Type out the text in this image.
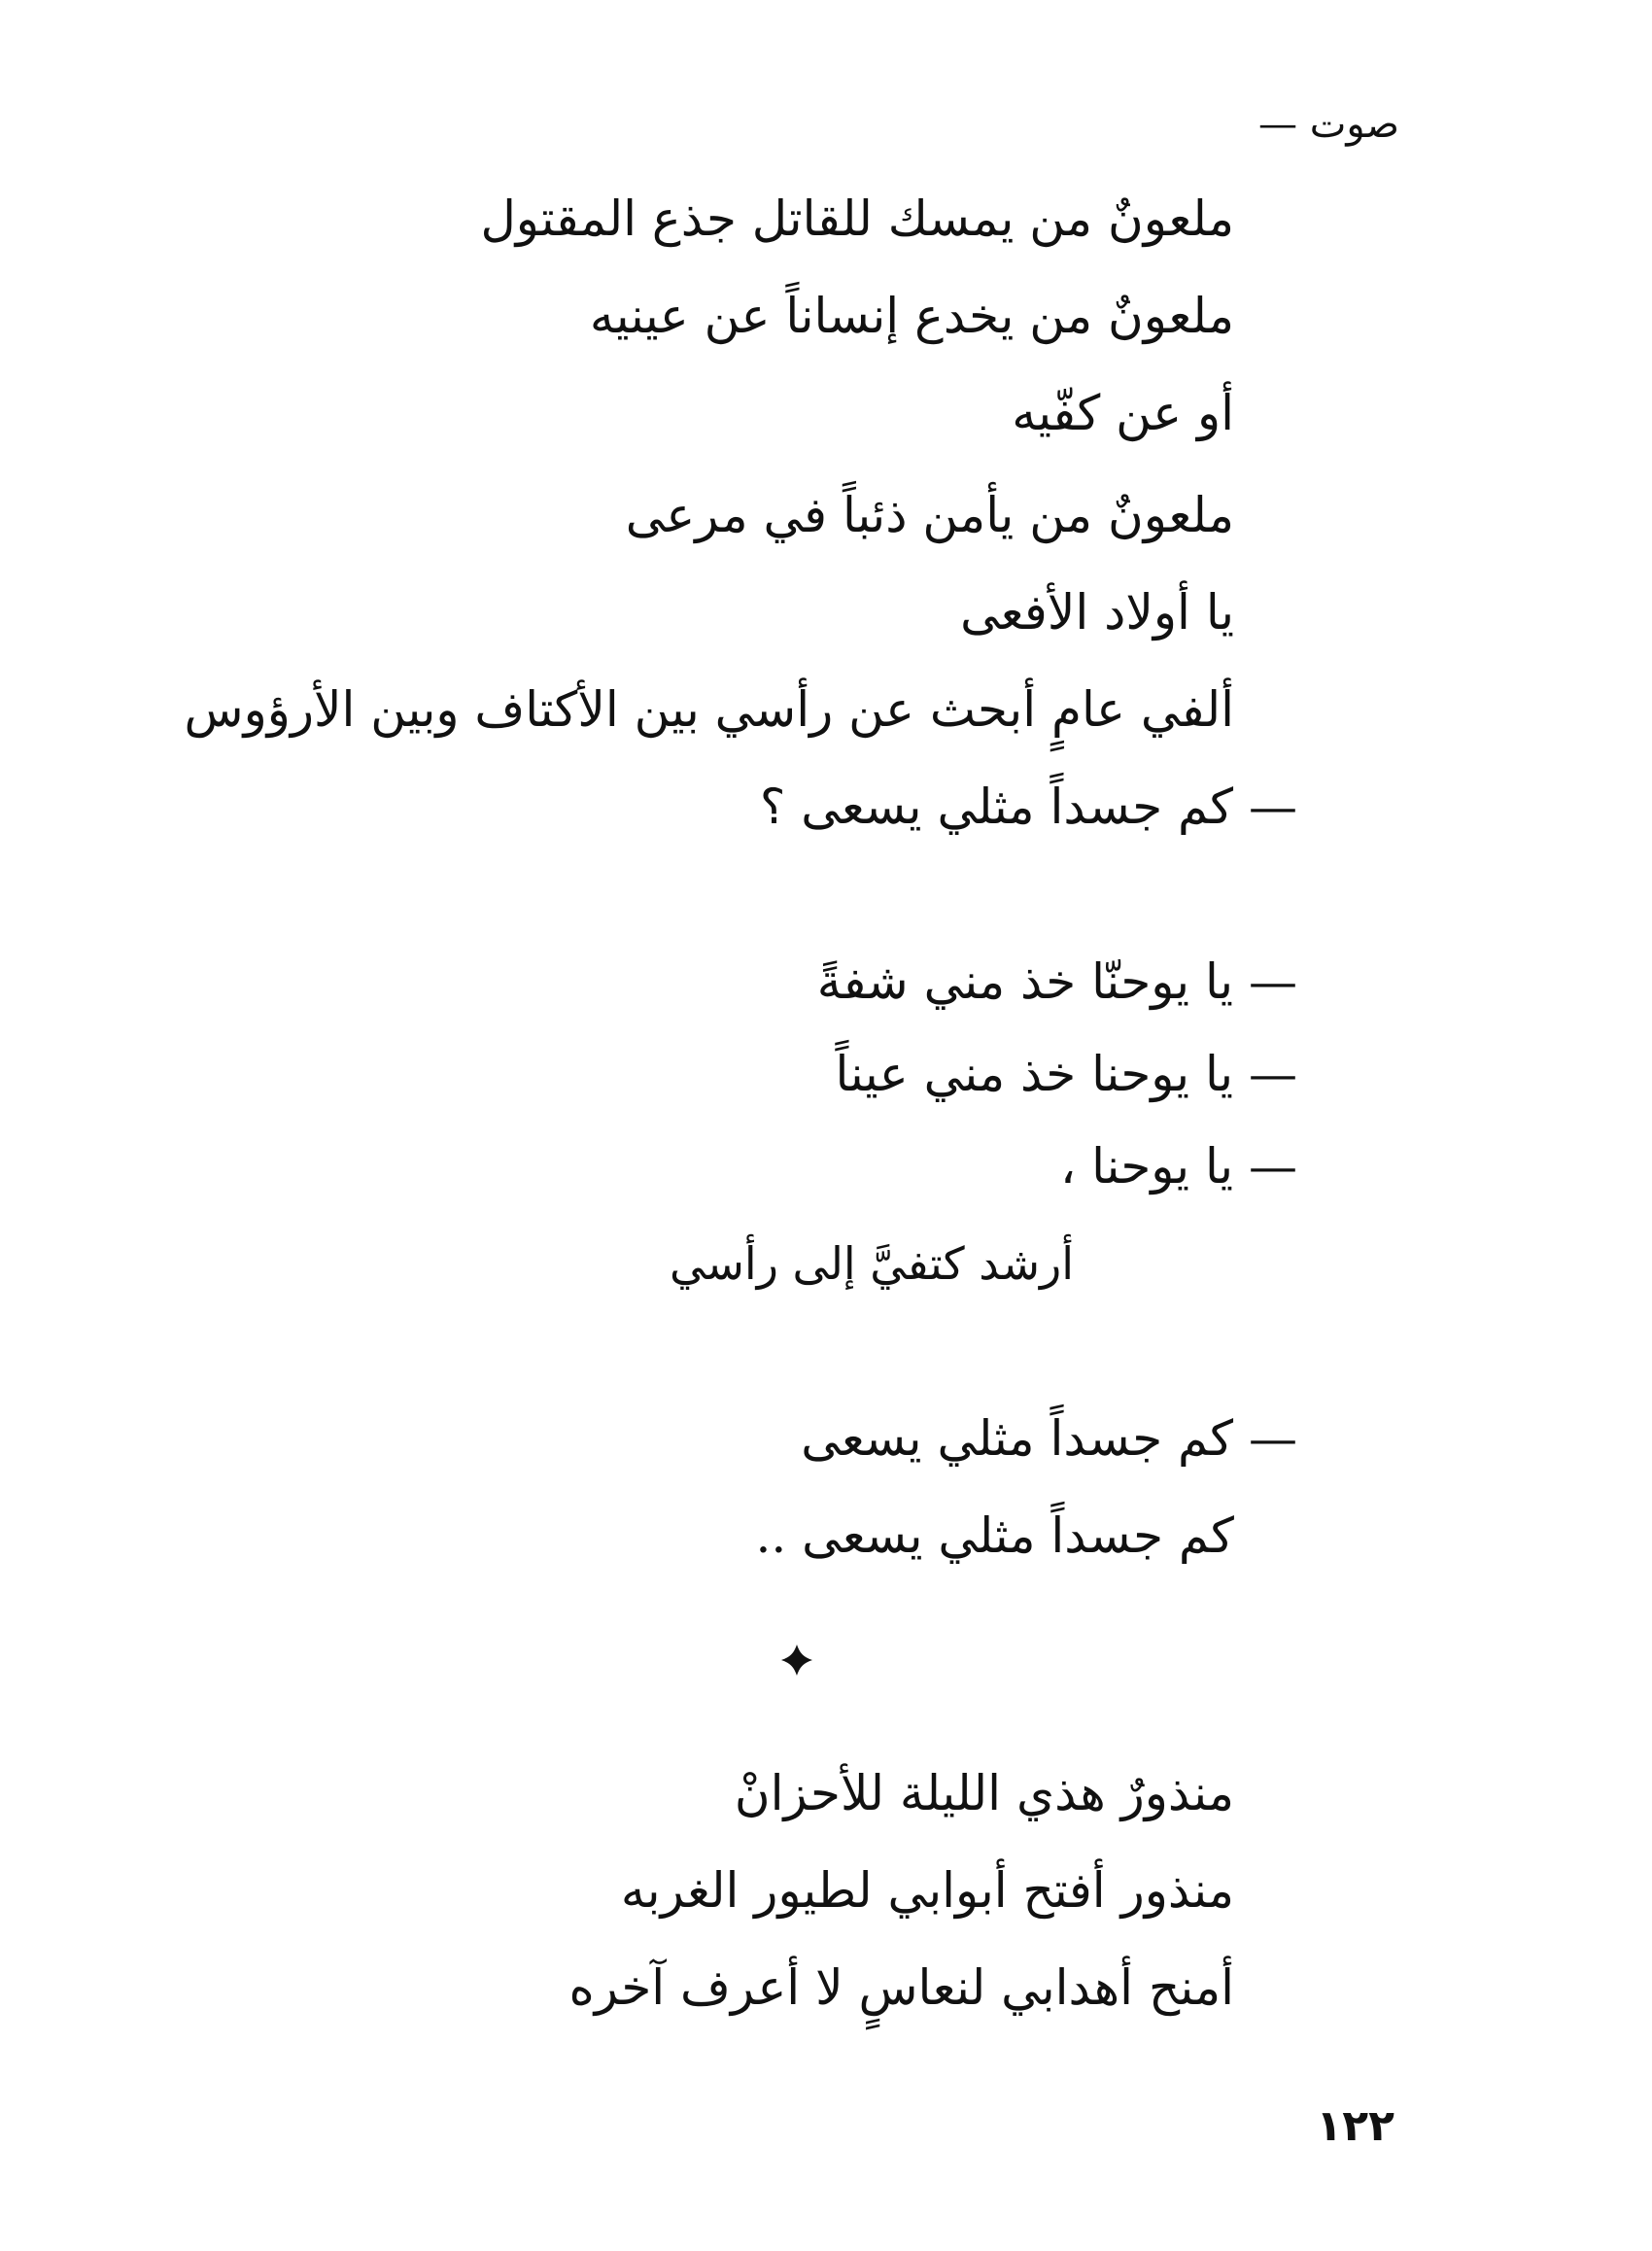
صوت —
ملعونٌ من يمسك للقاتل جذع المقتول
ملعونٌ من يخدع إنساناً عن عينيه
أو عن كفّيه
ملعونٌ من يأمن ذئباً في مرعى
يا أولاد الأفعى
ألفي عامٍ أبحث عن رأسي بين الأكتاف وبين الأرؤوس
— كم جسداً مثلي يسعى ؟
— يا يوحنّا خذ مني شفةً
— يا يوحنا خذ مني عيناً
— يا يوحنا ،
أرشد كتفيَّ إلى رأسي
— كم جسداً مثلي يسعى
كم جسداً مثلي يسعى ..
منذورٌ هذي الليلة للأحزانْ
منذور أفتح أبوابي لطيور الغربه
أمنح أهدابي لنعاسٍ لا أعرف آخره
١٢٢
